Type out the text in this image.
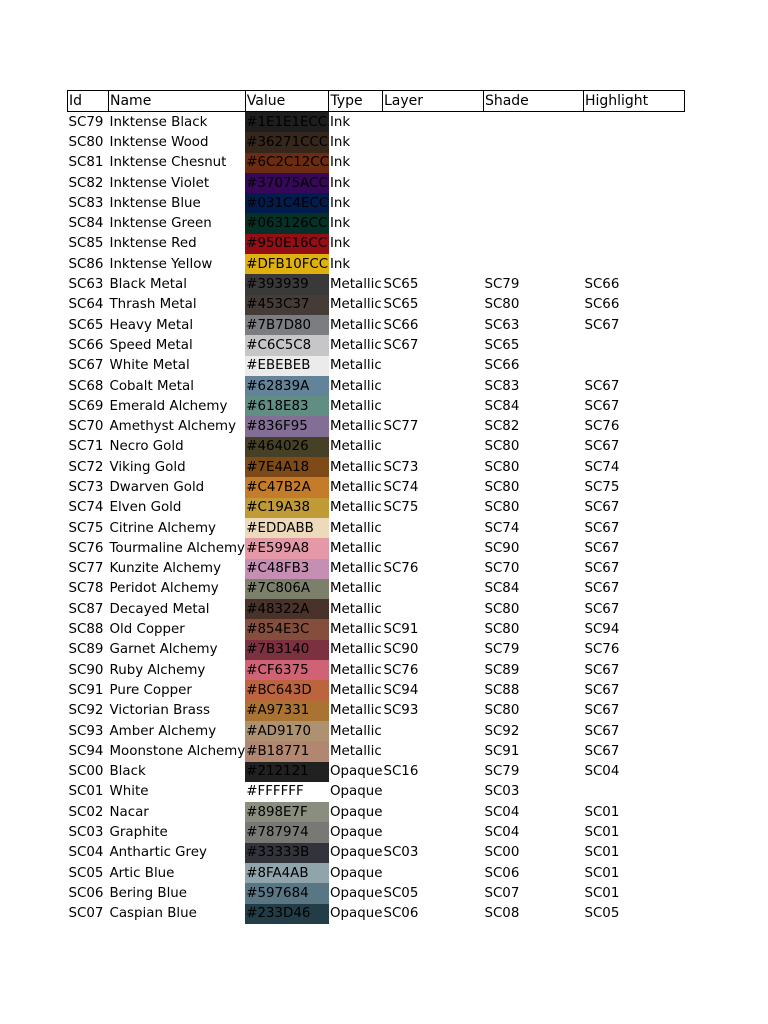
Id	Name	Value	Type	Layer	Shade	Highlight
SC79	Inktense Black	#1E1E1ECC	Ink			
SC80	Inktense Wood	#36271CCC	Ink			
SC81	Inktense Chesnut	#6C2C12CC	Ink			
SC82	Inktense Violet	#37075ACC	Ink			
SC83	Inktense Blue	#031C4ECC	Ink			
SC84	Inktense Green	#063126CC	Ink			
SC85	Inktense Red	#950E16CC	Ink			
SC86	Inktense Yellow	#DFB10FCC	Ink			
SC63	Black Metal	#393939	Metallic	SC65	SC79	SC66
SC64	Thrash Metal	#453C37	Metallic	SC65	SC80	SC66
SC65	Heavy Metal	#7B7D80	Metallic	SC66	SC63	SC67
SC66	Speed Metal	#C6C5C8	Metallic	SC67	SC65	
SC67	White Metal	#EBEBEB	Metallic		SC66	
SC68	Cobalt Metal	#62839A	Metallic		SC83	SC67
SC69	Emerald Alchemy	#618E83	Metallic		SC84	SC67
SC70	Amethyst Alchemy	#836F95	Metallic	SC77	SC82	SC76
SC71	Necro Gold	#464026	Metallic		SC80	SC67
SC72	Viking Gold	#7E4A18	Metallic	SC73	SC80	SC74
SC73	Dwarven Gold	#C47B2A	Metallic	SC74	SC80	SC75
SC74	Elven Gold	#C19A38	Metallic	SC75	SC80	SC67
SC75	Citrine Alchemy	#EDDABB	Metallic		SC74	SC67
SC76	Tourmaline Alchemy	#E599A8	Metallic		SC90	SC67
SC77	Kunzite Alchemy	#C48FB3	Metallic	SC76	SC70	SC67
SC78	Peridot Alchemy	#7C806A	Metallic		SC84	SC67
SC87	Decayed Metal	#48322A	Metallic		SC80	SC67
SC88	Old Copper	#854E3C	Metallic	SC91	SC80	SC94
SC89	Garnet Alchemy	#7B3140	Metallic	SC90	SC79	SC76
SC90	Ruby Alchemy	#CF6375	Metallic	SC76	SC89	SC67
SC91	Pure Copper	#BC643D	Metallic	SC94	SC88	SC67
SC92	Victorian Brass	#A97331	Metallic	SC93	SC80	SC67
SC93	Amber Alchemy	#AD9170	Metallic		SC92	SC67
SC94	Moonstone Alchemy	#B18771	Metallic		SC91	SC67
SC00	Black	#212121	Opaque	SC16	SC79	SC04
SC01	White	#FFFFFF	Opaque		SC03	
SC02	Nacar	#898E7F	Opaque		SC04	SC01
SC03	Graphite	#787974	Opaque		SC04	SC01
SC04	Anthartic Grey	#33333B	Opaque	SC03	SC00	SC01
SC05	Artic Blue	#8FA4AB	Opaque		SC06	SC01
SC06	Bering Blue	#597684	Opaque	SC05	SC07	SC01
SC07	Caspian Blue	#233D46	Opaque	SC06	SC08	SC05
